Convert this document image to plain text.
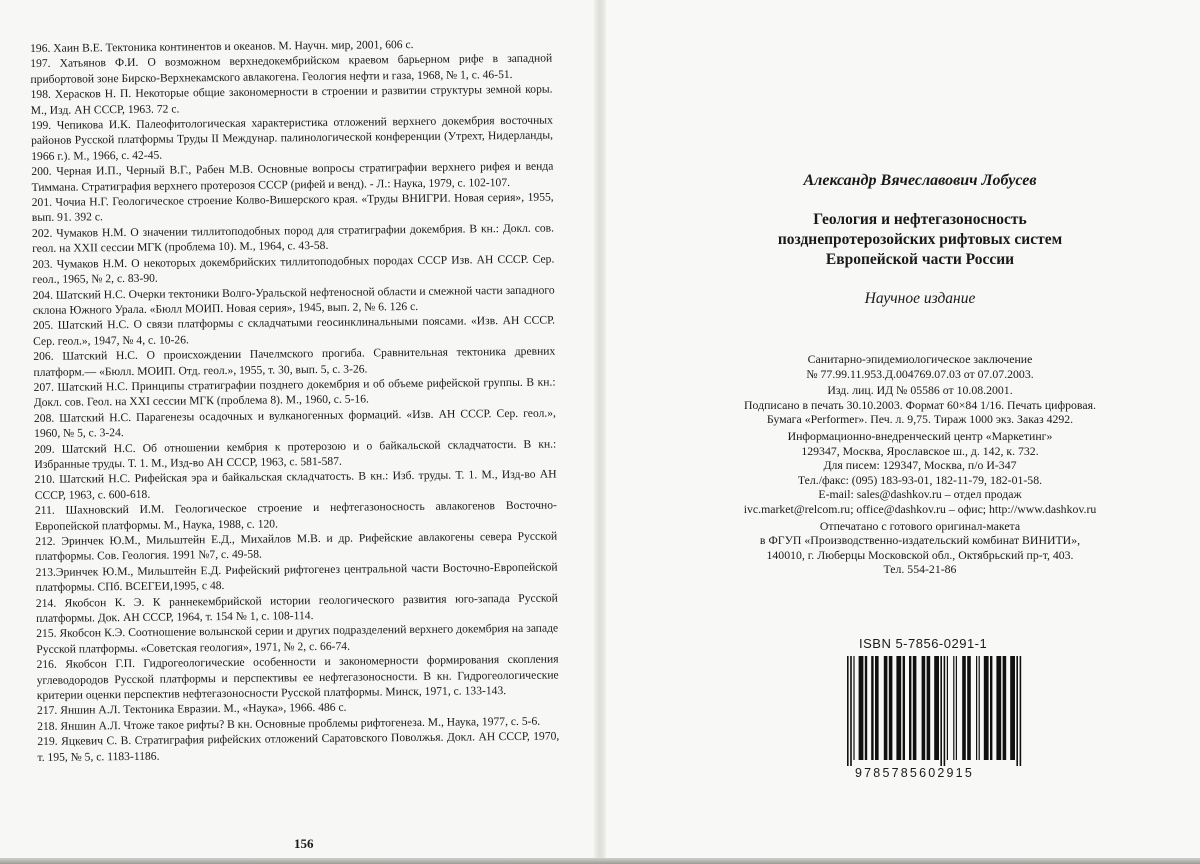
196. Хаин В.Е. Тектоника континентов и океанов. М. Научн. мир, 2001, 606 с.

197. Хатьянов Ф.И. О возможном верхнедокембрийском краевом барьерном рифе в западной прибортовой зоне Бирско-Верхнекамского авлакогена. Геология нефти и газа, 1968, № 1, с. 46-51.

198. Херасков Н. П. Некоторые общие закономерности в строении и развитии структуры земной коры. М., Изд. АН СССР, 1963. 72 с.

199. Чепикова И.К. Палеофитологическая характеристика отложений верхнего докембрия восточных районов Русской платформы Труды II Междунар. палинологической конференции (Утрехт, Нидерланды, 1966 г.). М., 1966, с. 42-45.

200. Черная И.П., Черный В.Г., Рабен М.В. Основные вопросы стратиграфии верхнего рифея и венда Тиммана. Стратиграфия верхнего протерозоя СССР (рифей и венд). - Л.: Наука, 1979, с. 102-107.

201. Чочиа Н.Г. Геологическое строение Колво-Вишерского края. «Труды ВНИГРИ. Новая серия», 1955, вып. 91. 392 с.

202. Чумаков Н.М. О значении тиллитоподобных пород для стратиграфии докембрия. В кн.: Докл. сов. геол. на XXII сессии МГК (проблема 10). М., 1964, с. 43-58.

203. Чумаков Н.М. О некоторых докембрийских тиллитоподобных породах СССР Изв. АН СССР. Сер. геол., 1965, № 2, с. 83-90.

204. Шатский Н.С. Очерки тектоники Волго-Уральской нефтеносной области и смежной части западного склона Южного Урала. «Бюлл МОИП. Новая серия», 1945, вып. 2, № 6. 126 с.

205. Шатский Н.С. О связи платформы с складчатыми геосинклинальными поясами. «Изв. АН СССР. Сер. геол.», 1947, № 4, с. 10-26.

206. Шатский Н.С. О происхождении Пачелмского прогиба. Сравнительная тектоника древних платформ.— «Бюлл. МОИП. Отд. геол.», 1955, т. 30, вып. 5, с. 3-26.

207. Шатский Н.С. Принципы стратиграфии позднего докембрия и об объеме рифейской группы. В кн.: Докл. сов. Геол. на XXI сессии МГК (проблема 8). М., 1960, с. 5-16.

208. Шатский Н.С. Парагенезы осадочных и вулканогенных формаций. «Изв. АН СССР. Сер. геол.», 1960, № 5, с. 3-24.

209. Шатский Н.С. Об отношении кембрия к протерозою и о байкальской складчатости. В кн.: Избранные труды. Т. 1. М., Изд-во АН СССР, 1963, с. 581-587.

210. Шатский Н.С. Рифейская эра и байкальская складчатость. В кн.: Изб. труды. Т. 1. М., Изд-во АН СССР, 1963, с. 600-618.

211. Шахновский И.М. Геологическое строение и нефтегазоносность авлакогенов Восточно-Европейской платформы. М., Наука, 1988, с. 120.

212. Эринчек Ю.М., Мильштейн Е.Д., Михайлов М.В. и др. Рифейские авлакогены севера Русской платформы. Сов. Геология. 1991 №7, с. 49-58.

213.Эринчек Ю.М., Мильштейн Е.Д. Рифейский рифтогенез центральной части Восточно-Европейской платформы. СПб. ВСЕГЕИ,1995, с 48.

214. Якобсон К. Э. К раннекембрийской истории геологического развития юго-запада Русской платформы. Док. АН СССР, 1964, т. 154 № 1, с. 108-114.

215. Якобсон К.Э. Соотношение волынской серии и других подразделений верхнего докембрия на западе Русской платформы. «Советская геология», 1971, № 2, с. 66-74.

216. Якобсон Г.П. Гидрогеологические особенности и закономерности формирования скопления углеводородов Русской платформы и перспективы ее нефтегазоносности. В кн. Гидрогеологические критерии оценки перспектив нефтегазоносности Русской платформы. Минск, 1971, с. 133-143.

217. Яншин А.Л. Тектоника Евразии. М., «Наука», 1966. 486 с.

218. Яншин А.Л. Чтоже такое рифты? В кн. Основные проблемы рифтогенеза. М., Наука, 1977, с. 5-6.

219. Яцкевич С. В. Стратиграфия рифейских отложений Саратовского Поволжья. Докл. АН СССР, 1970, т. 195, № 5, с. 1183-1186.

156
Александр Вячеславович Лобусев
Геология и нефтегазоносность
позднепротерозойских рифтовых систем
Европейской части России
Научное издание

Санитарно-эпидемиологическое заключение

№ 77.99.11.953.Д.004769.07.03 от 07.07.2003.

Изд. лиц. ИД № 05586 от 10.08.2001.

Подписано в печать 30.10.2003. Формат 60×84 1/16. Печать цифровая.

Бумага «Performer». Печ. л. 9,75. Тираж 1000 экз. Заказ 4292.

Информационно-внедренческий центр «Маркетинг»

129347, Москва, Ярославское ш., д. 142, к. 732.

Для писем: 129347, Москва, п/о И-347

Тел./факс: (095) 183-93-01, 182-11-79, 182-01-58.

E-mail: sales@dashkov.ru – отдел продаж

ivc.market@relcom.ru; office@dashkov.ru – офис; http://www.dashkov.ru

Отпечатано с готового оригинал-макета

в ФГУП «Производственно-издательский комбинат ВИНИТИ»,

140010, г. Люберцы Московской обл., Октябрьский пр-т, 403.

Тел. 554-21-86

ISBN 5-7856-0291-1
9785785602915
